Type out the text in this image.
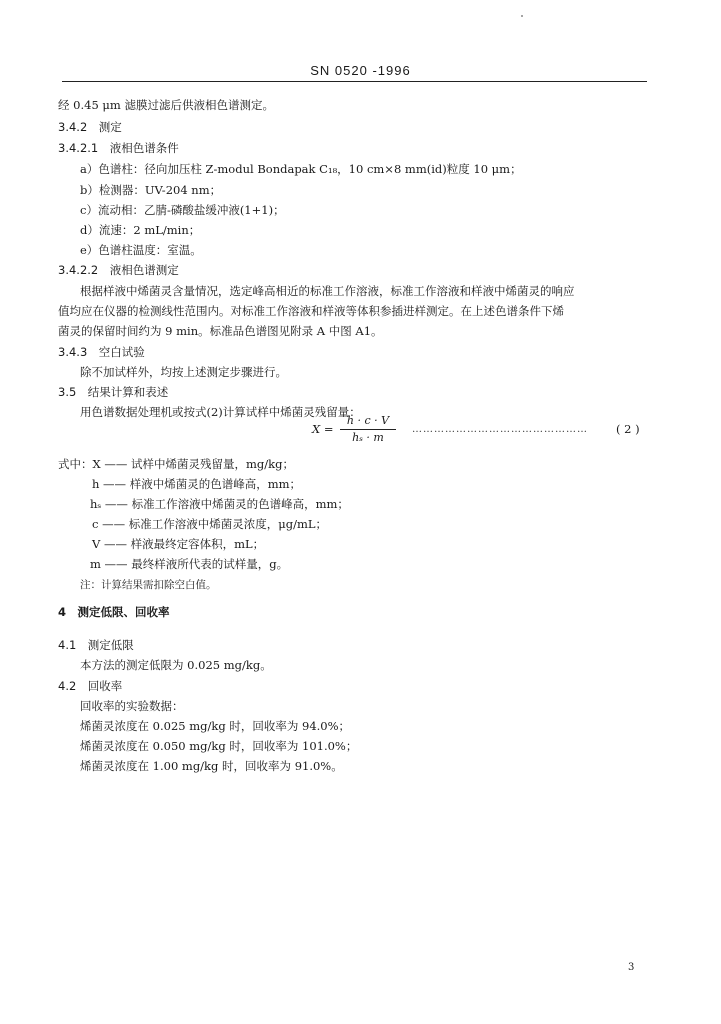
SN 0520 -1996
经 0.45 μm 滤膜过滤后供液相色谱测定。
3.4.2　测定
3.4.2.1　液相色谱条件
a）色谱柱：径向加压柱 Z-modul Bondapak C₁₈，10 cm×8 mm(id)粒度 10 μm；
b）检测器：UV-204 nm；
c）流动相：乙腈-磷酸盐缓冲液(1+1)；
d）流速：2 mL/min；
e）色谱柱温度：室温。
3.4.2.2　液相色谱测定
根据样液中烯菌灵含量情况，选定峰高相近的标准工作溶液，标准工作溶液和样液中烯菌灵的响应
值均应在仪器的检测线性范围内。对标准工作溶液和样液等体积参插进样测定。在上述色谱条件下烯
菌灵的保留时间约为 9 min。标准品色谱图见附录 A 中图 A1。
3.4.3　空白试验
除不加试样外，均按上述测定步骤进行。
3.5　结果计算和表述
用色谱数据处理机或按式(2)计算试样中烯菌灵残留量：
X =
h · c · V
hₛ · m
…………………………………………	( 2 )
式中：X —— 试样中烯菌灵残留量，mg/kg；
h —— 样液中烯菌灵的色谱峰高，mm；
hₛ —— 标准工作溶液中烯菌灵的色谱峰高，mm；
c —— 标准工作溶液中烯菌灵浓度，μg/mL；
V —— 样液最终定容体积，mL；
m —— 最终样液所代表的试样量，g。
注：计算结果需扣除空白值。
4　测定低限、回收率
4.1　测定低限
本方法的测定低限为 0.025 mg/kg。
4.2　回收率
回收率的实验数据：
烯菌灵浓度在 0.025 mg/kg 时，回收率为 94.0%；
烯菌灵浓度在 0.050 mg/kg 时，回收率为 101.0%；
烯菌灵浓度在 1.00 mg/kg 时，回收率为 91.0%。
3
